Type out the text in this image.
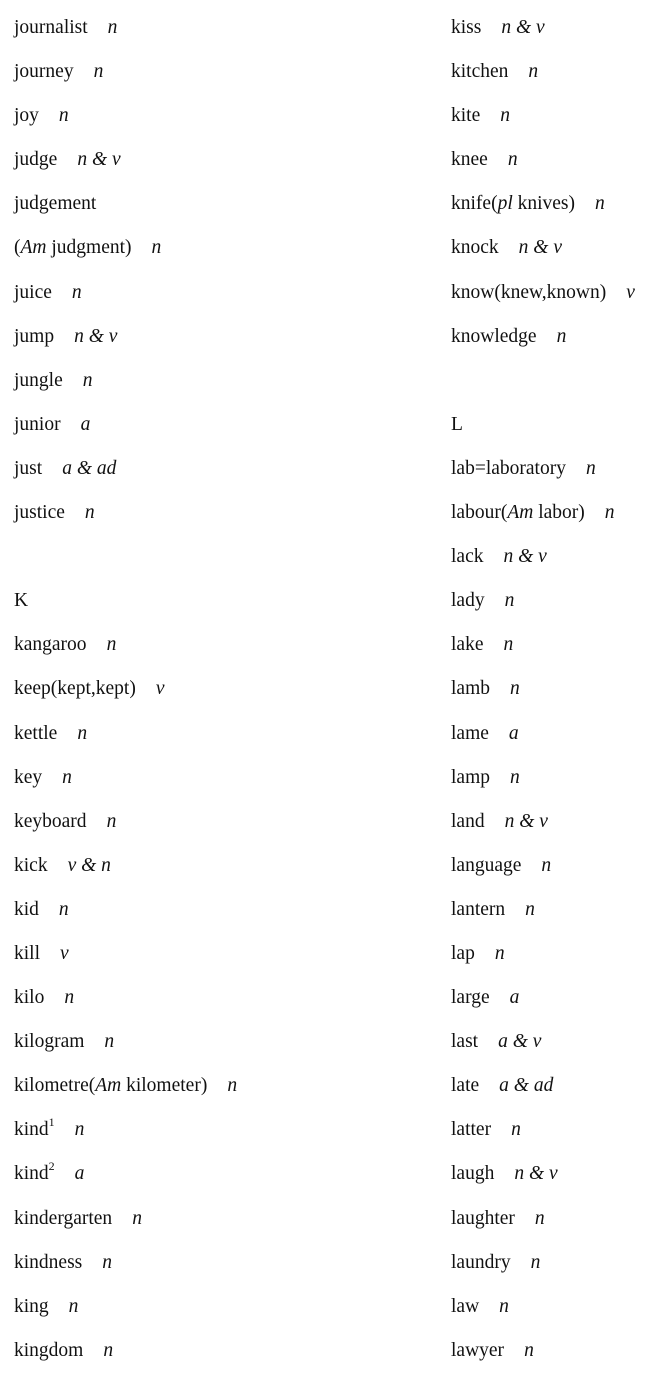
journalist n
journey n
joy n
judge n & v
judgement
(Am judgment) n
juice n
jump n & v
jungle n
junior a
just a & ad
justice n
K
kangaroo n
keep(kept,kept) v
kettle n
key n
keyboard n
kick v & n
kid n
kill v
kilo n
kilogram n
kilometre(Am kilometer) n
kind$^1$ n
kind$^2$ a
kindergarten n
kindness n
king n
kingdom n
kiss n & v
kitchen n
kite n
knee n
knife(pl knives) n
knock n & v
know(knew,known) v
knowledge n
L
lab=laboratory n
labour(Am labor) n
lack n & v
lady n
lake n
lamb n
lame a
lamp n
land n & v
language n
lantern n
lap n
large a
last a & v
late a & ad
latter n
laugh n & v
laughter n
laundry n
law n
lawyer n
